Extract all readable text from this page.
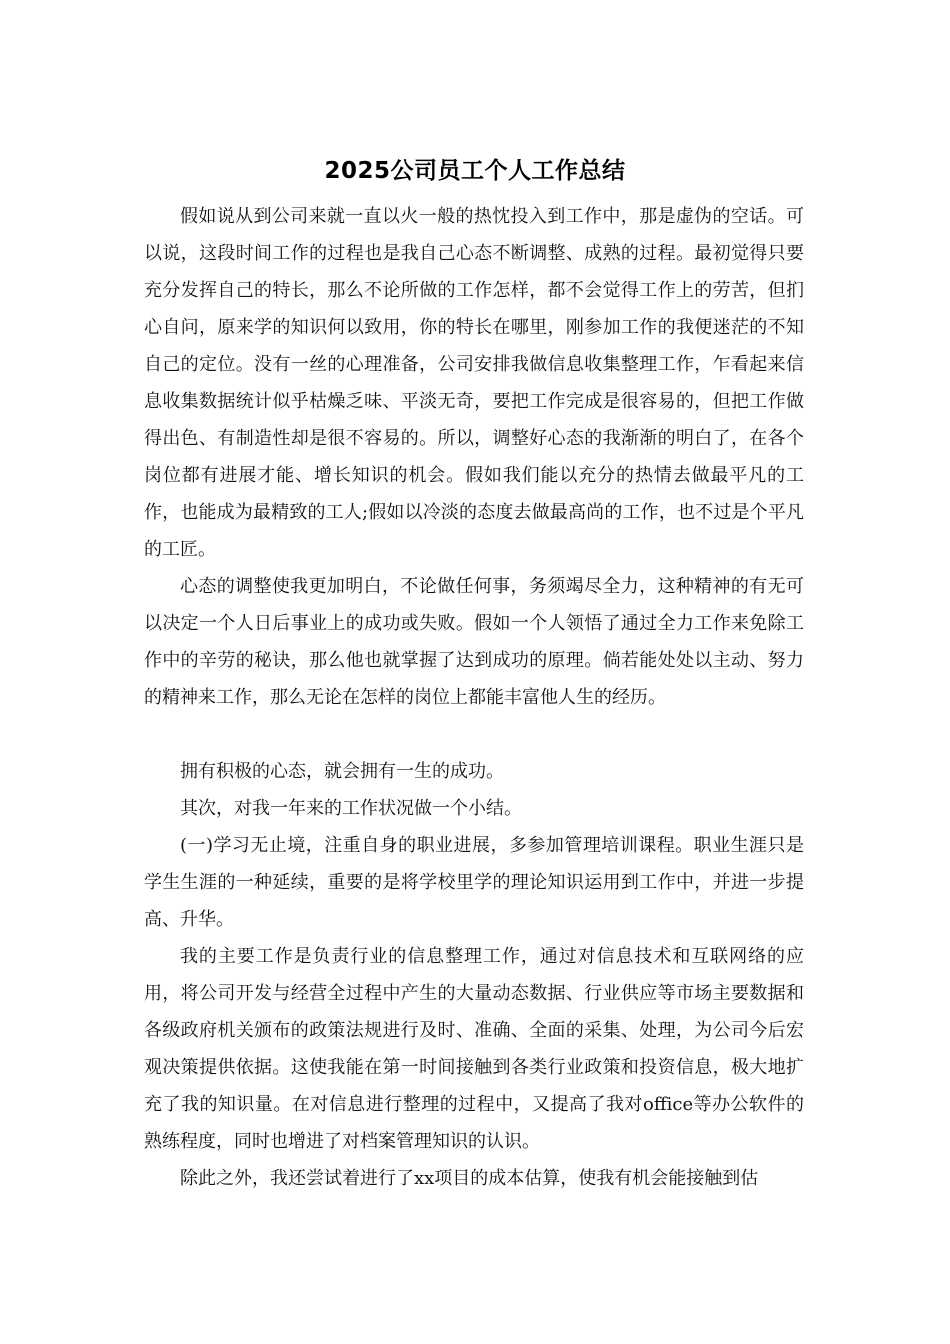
2025公司员工个人工作总结

假如说从到公司来就一直以火一般的热忱投入到工作中，那是虚伪的空话。可以说，这段时间工作的过程也是我自己心态不断调整、成熟的过程。最初觉得只要充分发挥自己的特长，那么不论所做的工作怎样，都不会觉得工作上的劳苦，但扪心自问，原来学的知识何以致用，你的特长在哪里，刚参加工作的我便迷茫的不知自己的定位。没有一丝的心理准备，公司安排我做信息收集整理工作，乍看起来信息收集数据统计似乎枯燥乏味、平淡无奇，要把工作完成是很容易的，但把工作做得出色、有制造性却是很不容易的。所以，调整好心态的我渐渐的明白了，在各个岗位都有进展才能、增长知识的机会。假如我们能以充分的热情去做最平凡的工作，也能成为最精致的工人;假如以冷淡的态度去做最高尚的工作，也不过是个平凡的工匠。

心态的调整使我更加明白，不论做任何事，务须竭尽全力，这种精神的有无可以决定一个人日后事业上的成功或失败。假如一个人领悟了通过全力工作来免除工作中的辛劳的秘诀，那么他也就掌握了达到成功的原理。倘若能处处以主动、努力的精神来工作，那么无论在怎样的岗位上都能丰富他人生的经历。

拥有积极的心态，就会拥有一生的成功。

其次，对我一年来的工作状况做一个小结。

(一)学习无止境，注重自身的职业进展，多参加管理培训课程。职业生涯只是学生生涯的一种延续，重要的是将学校里学的理论知识运用到工作中，并进一步提高、升华。

我的主要工作是负责行业的信息整理工作，通过对信息技术和互联网络的应用，将公司开发与经营全过程中产生的大量动态数据、行业供应等市场主要数据和各级政府机关颁布的政策法规进行及时、准确、全面的采集、处理，为公司今后宏观决策提供依据。这使我能在第一时间接触到各类行业政策和投资信息，极大地扩充了我的知识量。在对信息进行整理的过程中，又提高了我对office等办公软件的熟练程度，同时也增进了对档案管理知识的认识。

除此之外，我还尝试着进行了xx项目的成本估算，使我有机会能接触到估
